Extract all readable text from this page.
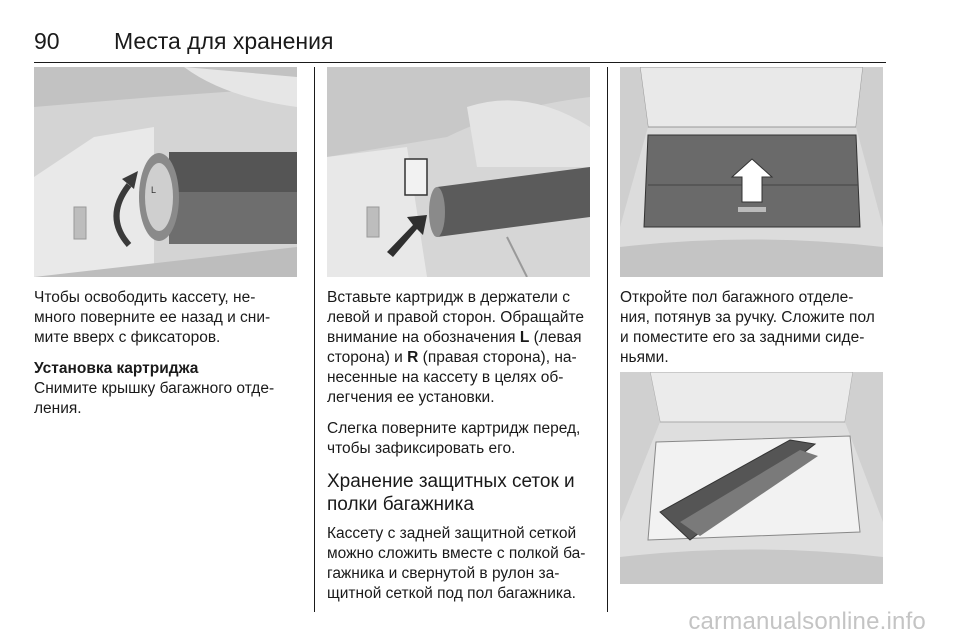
90 Места для хранения
L

Чтобы освободить кассету, не-
много поверните ее назад и сни-
мите вверх с фиксаторов.

Установка картриджа

Снимите крышку багажного отде-
ления.

Вставьте картридж в держатели с
левой и правой сторон. Обращайте
внимание на обозначения L (левая
сторона) и R (правая сторона), на-
несенные на кассету в целях об-
легчения ее установки.

Слегка поверните картридж перед,
чтобы зафиксировать его.

Хранение защитных сеток и
полки багажника

Кассету с задней защитной сеткой
можно сложить вместе с полкой ба-
гажника и свернутой в рулон за-
щитной сеткой под пол багажника.

Откройте пол багажного отделе-
ния, потянув за ручку. Сложите пол
и поместите его за задними сиде-
ньями.

carmanualsonline.info
